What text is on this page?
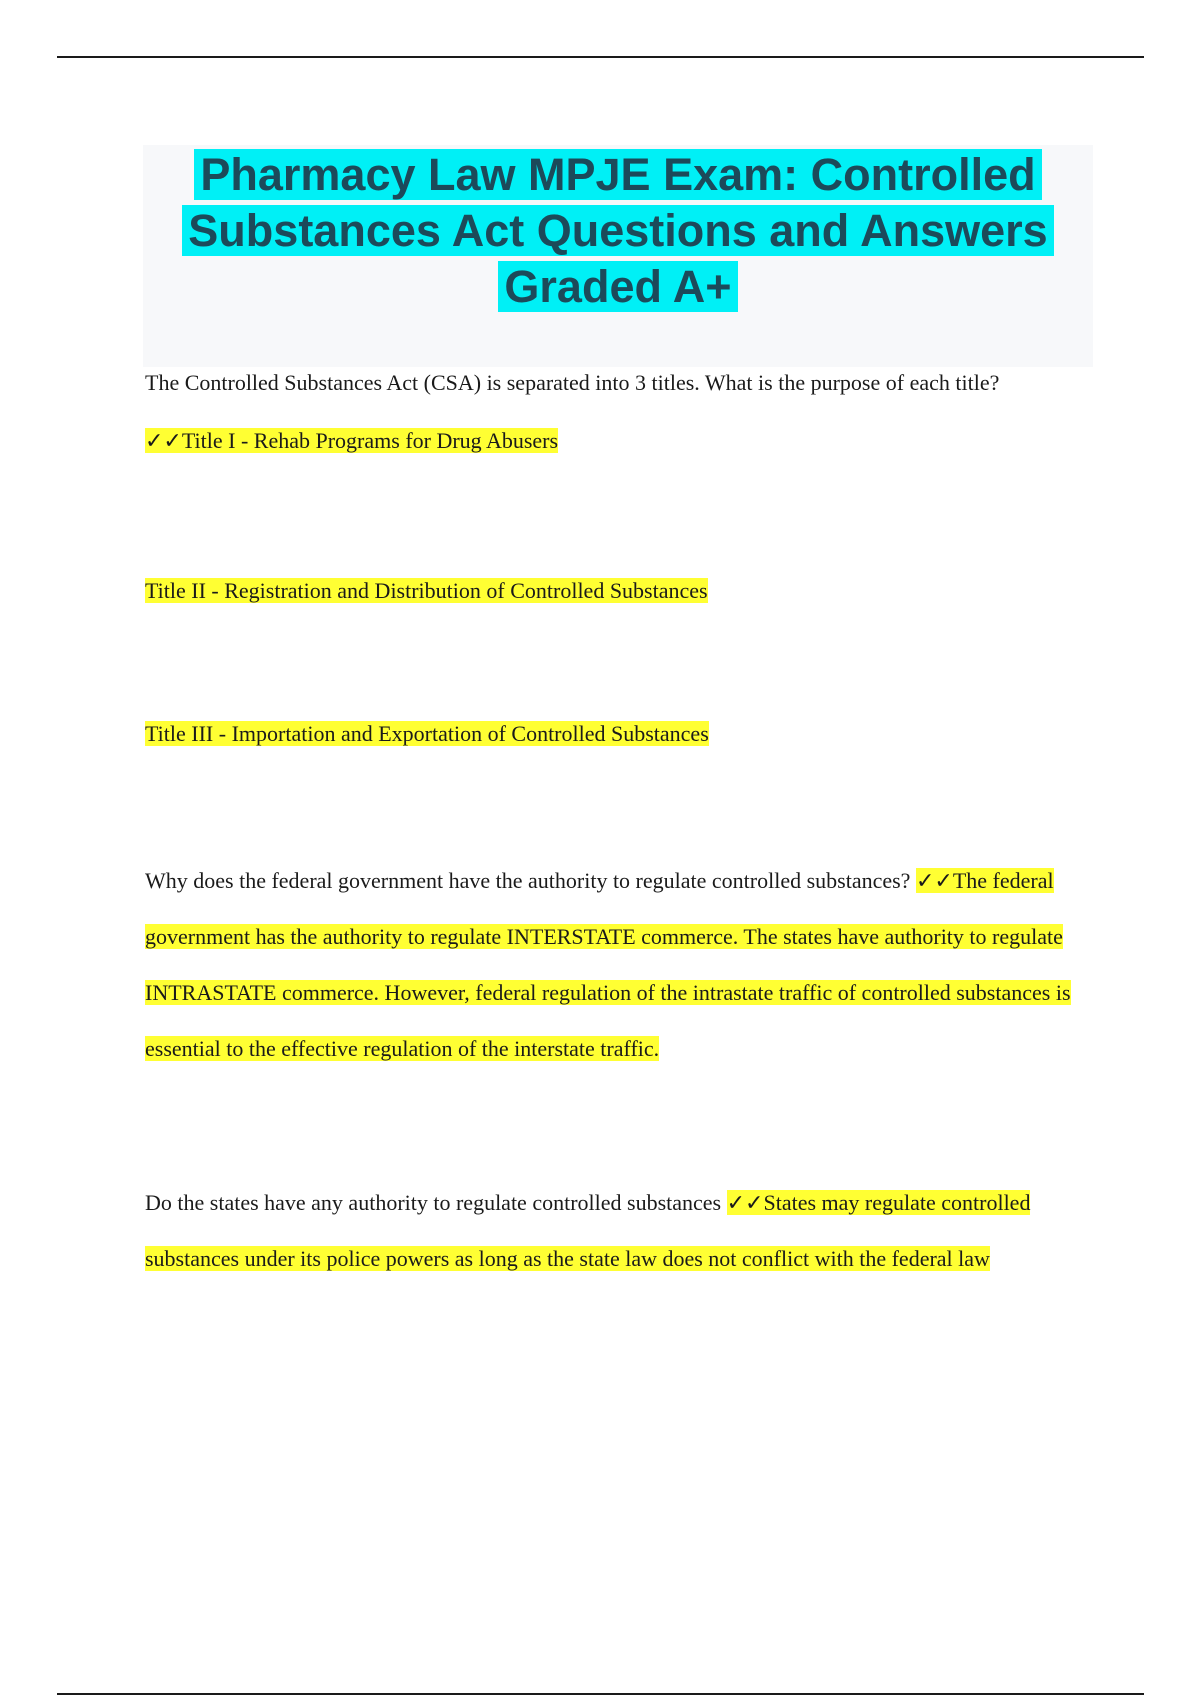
Pharmacy Law MPJE Exam: Controlled
Substances Act Questions and Answers
Graded A+

The Controlled Substances Act (CSA) is separated into 3 titles. What is the purpose of each title?

✓✓Title I - Rehab Programs for Drug Abusers

Title II - Registration and Distribution of Controlled Substances

Title III - Importation and Exportation of Controlled Substances

Why does the federal government have the authority to regulate controlled substances? ✓✓The federal government has the authority to regulate INTERSTATE commerce. The states have authority to regulate INTRASTATE commerce. However, federal regulation of the intrastate traffic of controlled substances is essential to the effective regulation of the interstate traffic.

Do the states have any authority to regulate controlled substances ✓✓States may regulate controlled substances under its police powers as long as the state law does not conflict with the federal law
